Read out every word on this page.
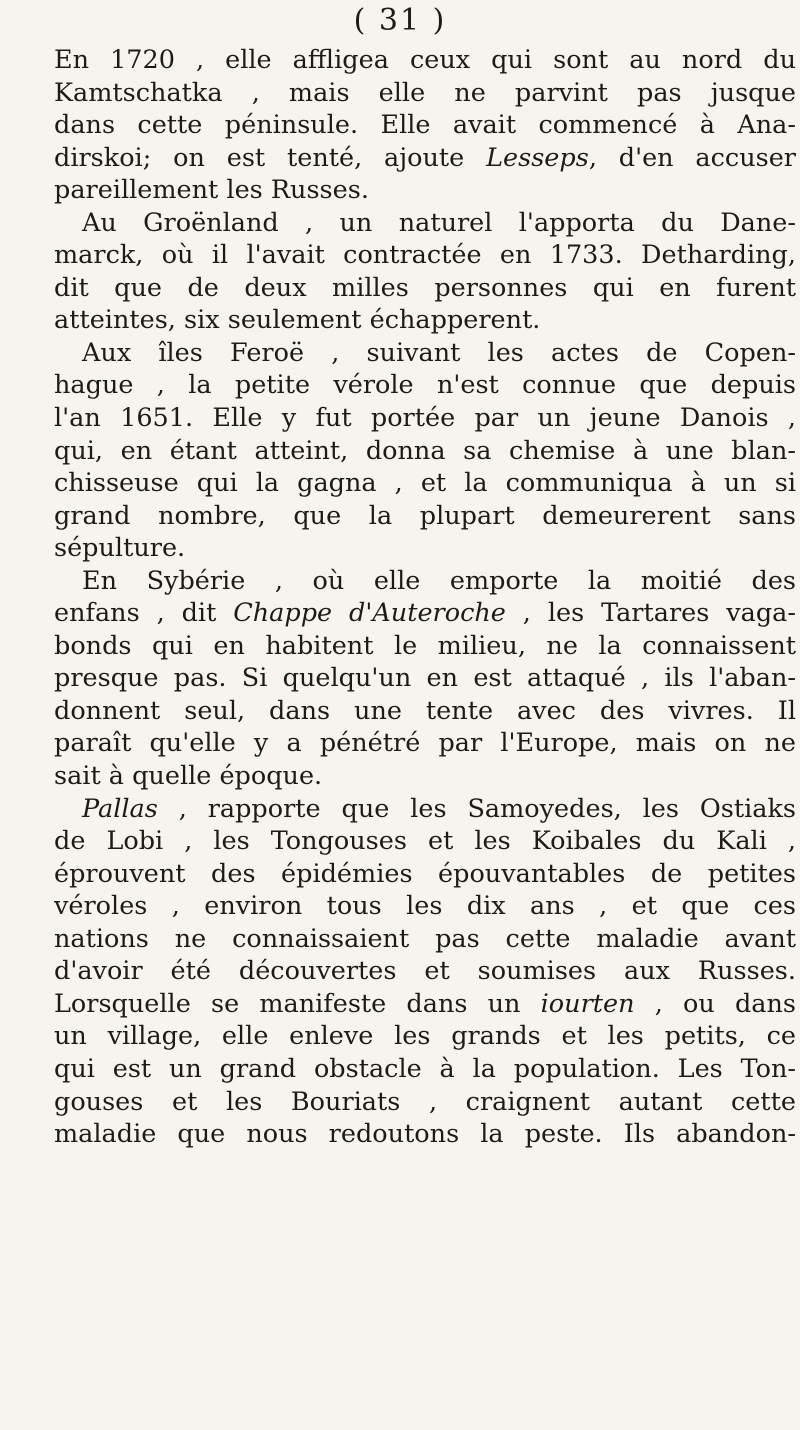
( 31 )
En 1720 , elle affligea ceux qui sont au nord du
Kamtschatka , mais elle ne parvint pas jusque
dans cette péninsule. Elle avait commencé à Ana-
dirskoi; on est tenté, ajoute Lesseps, d'en accuser
pareillement les Russes.
Au Groënland , un naturel l'apporta du Dane-
marck, où il l'avait contractée en 1733. Detharding,
dit que de deux milles personnes qui en furent
atteintes, six seulement échapperent.
Aux îles Feroë , suivant les actes de Copen-
hague , la petite vérole n'est connue que depuis
l'an 1651. Elle y fut portée par un jeune Danois ,
qui, en étant atteint, donna sa chemise à une blan-
chisseuse qui la gagna , et la communiqua à un si
grand nombre, que la plupart demeurerent sans
sépulture.
En Sybérie , où elle emporte la moitié des
enfans , dit Chappe d'Auteroche , les Tartares vaga-
bonds qui en habitent le milieu, ne la connaissent
presque pas. Si quelqu'un en est attaqué , ils l'aban-
donnent seul, dans une tente avec des vivres. Il
paraît qu'elle y a pénétré par l'Europe, mais on ne
sait à quelle époque.
Pallas , rapporte que les Samoyedes, les Ostiaks
de Lobi , les Tongouses et les Koibales du Kali ,
éprouvent des épidémies épouvantables de petites
véroles , environ tous les dix ans , et que ces
nations ne connaissaient pas cette maladie avant
d'avoir été découvertes et soumises aux Russes.
Lorsquelle se manifeste dans un iourten , ou dans
un village, elle enleve les grands et les petits, ce
qui est un grand obstacle à la population. Les Ton-
gouses et les Bouriats , craignent autant cette
maladie que nous redoutons la peste. Ils abandon-
